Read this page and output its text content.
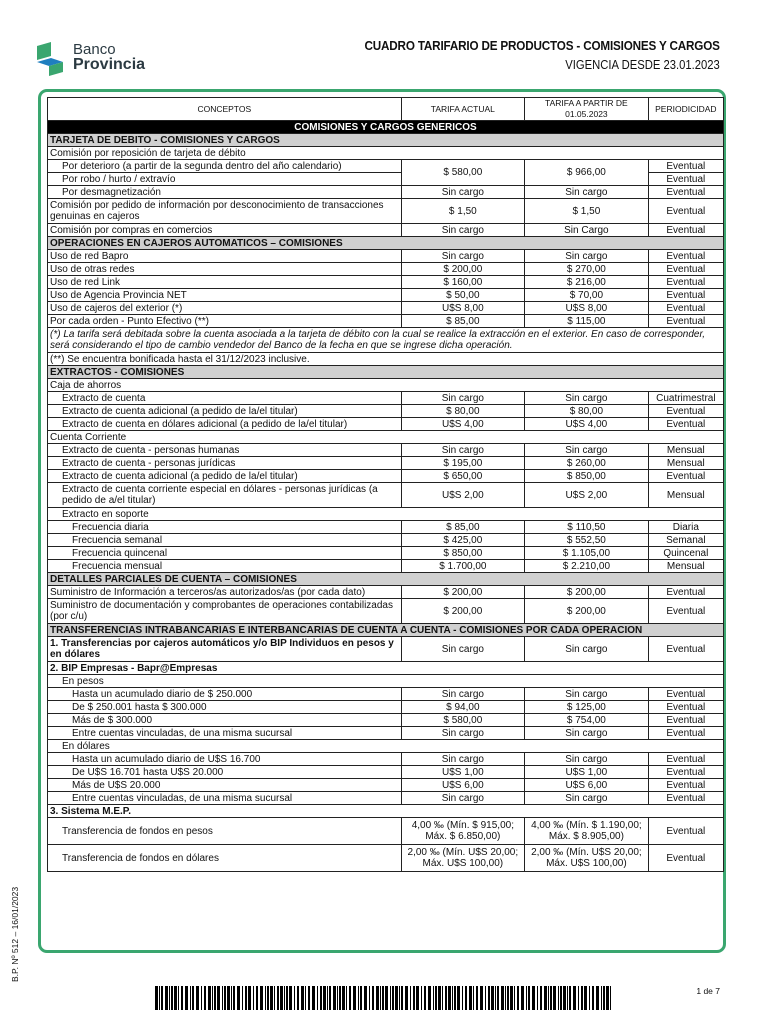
Banco
Provincia
CUADRO TARIFARIO DE PRODUCTOS - COMISIONES Y CARGOS
VIGENCIA DESDE 23.01.2023
CONCEPTOS	TARIFA ACTUAL	TARIFA A PARTIR DE 01.05.2023	PERIODICIDAD
COMISIONES Y CARGOS GENERICOS			
TARJETA DE DEBITO - COMISIONES Y CARGOS			
Comisión por reposición de tarjeta de débito			
Por deterioro (a partir de la segunda dentro del año calendario)	$ 580,00	$ 966,00	Eventual
Por robo / hurto / extravío			Eventual
Por desmagnetización	Sin cargo	Sin cargo	Eventual
Comisión por pedido de información por desconocimiento de transacciones genuinas en cajeros	$ 1,50	$ 1,50	Eventual
Comisión por compras en comercios	Sin cargo	Sin Cargo	Eventual
OPERACIONES EN CAJEROS AUTOMATICOS – COMISIONES			
Uso de red Bapro	Sin cargo	Sin cargo	Eventual
Uso de otras redes	$ 200,00	$ 270,00	Eventual
Uso de red Link	$ 160,00	$ 216,00	Eventual
Uso de Agencia Provincia NET	$ 50,00	$ 70,00	Eventual
Uso de cajeros del exterior (*)	U$S 8,00	U$S 8,00	Eventual
Por cada orden - Punto Efectivo (**)	$ 85,00	$ 115,00	Eventual
(*) La tarifa será debitada sobre la cuenta asociada a la tarjeta de débito con la cual se realice la extracción en el exterior. En caso de corresponder, será considerando el tipo de cambio vendedor del Banco de la fecha en que se ingrese dicha operación.			
(**) Se encuentra bonificada hasta el 31/12/2023 inclusive.			
EXTRACTOS - COMISIONES			
Caja de ahorros			
Extracto de cuenta	Sin cargo	Sin cargo	Cuatrimestral
Extracto de cuenta adicional (a pedido de la/el titular)	$ 80,00	$ 80,00	Eventual
Extracto de cuenta en dólares adicional (a pedido de la/el titular)	U$S 4,00	U$S 4,00	Eventual
Cuenta Corriente			
Extracto de cuenta - personas humanas	Sin cargo	Sin cargo	Mensual
Extracto de cuenta - personas jurídicas	$ 195,00	$ 260,00	Mensual
Extracto de cuenta adicional (a pedido de la/el titular)	$ 650,00	$ 850,00	Eventual
Extracto de cuenta corriente especial en dólares - personas jurídicas (a pedido de a/el titular)	U$S 2,00	U$S 2,00	Mensual
Extracto en soporte			
Frecuencia diaria	$ 85,00	$ 110,50	Diaria
Frecuencia semanal	$ 425,00	$ 552,50	Semanal
Frecuencia quincenal	$ 850,00	$ 1.105,00	Quincenal
Frecuencia mensual	$ 1.700,00	$ 2.210,00	Mensual
DETALLES PARCIALES DE CUENTA – COMISIONES			
Suministro de Información a terceros/as autorizados/as (por cada dato)	$ 200,00	$ 200,00	Eventual
Suministro de documentación y comprobantes de operaciones contabilizadas (por c/u)	$ 200,00	$ 200,00	Eventual
TRANSFERENCIAS INTRABANCARIAS E INTERBANCARIAS DE CUENTA A CUENTA - COMISIONES POR CADA OPERACION			
1. Transferencias por cajeros automáticos y/o BIP Individuos en pesos y en dólares	Sin cargo	Sin cargo	Eventual
2. BIP Empresas - Bapr@Empresas			
En pesos			
Hasta un acumulado diario de $ 250.000	Sin cargo	Sin cargo	Eventual
De $ 250.001 hasta $ 300.000	$ 94,00	$ 125,00	Eventual
Más de $ 300.000	$ 580,00	$ 754,00	Eventual
Entre cuentas vinculadas, de una misma sucursal	Sin cargo	Sin cargo	Eventual
En dólares			
Hasta un acumulado diario de U$S 16.700	Sin cargo	Sin cargo	Eventual
De U$S 16.701 hasta U$S 20.000	U$S 1,00	U$S 1,00	Eventual
Más de U$S 20.000	U$S 6,00	U$S 6,00	Eventual
Entre cuentas vinculadas, de una misma sucursal	Sin cargo	Sin cargo	Eventual
3. Sistema M.E.P.			
Transferencia de fondos en pesos	4,00 ‰ (Mín. $ 915,00; Máx. $ 6.850,00)	4,00 ‰ (Mín. $ 1.190,00; Máx. $ 8.905,00)	Eventual
Transferencia de fondos en dólares	2,00 ‰ (Mín. U$S 20,00; Máx. U$S 100,00)	2,00 ‰ (Mín. U$S 20,00; Máx. U$S 100,00)	Eventual
B.P. Nº 512 – 16/01/2023
1 de 7
